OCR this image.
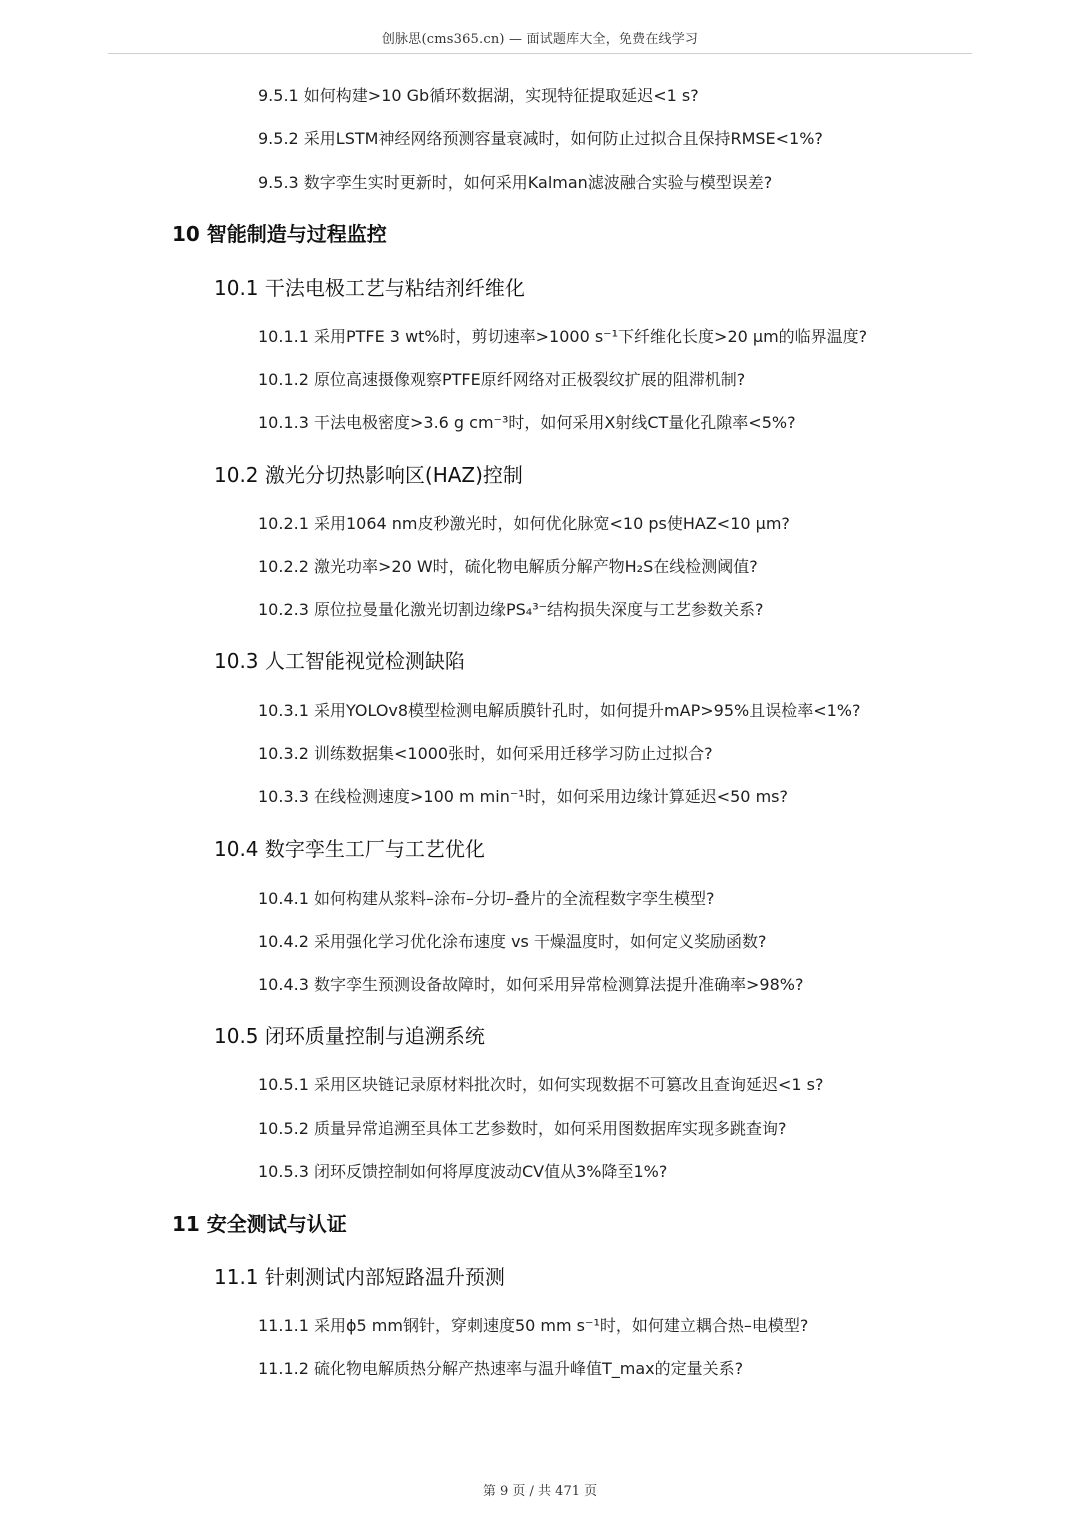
创脉思(cms365.cn) — 面试题库大全，免费在线学习
9.5.1 如何构建>10 Gb循环数据湖，实现特征提取延迟<1 s?
9.5.2 采用LSTM神经网络预测容量衰减时，如何防止过拟合且保持RMSE<1%?
9.5.3 数字孪生实时更新时，如何采用Kalman滤波融合实验与模型误差?
10 智能制造与过程监控
10.1 干法电极工艺与粘结剂纤维化
10.1.1 采用PTFE 3 wt%时，剪切速率>1000 s⁻¹下纤维化长度>20 μm的临界温度?
10.1.2 原位高速摄像观察PTFE原纤网络对正极裂纹扩展的阻滞机制?
10.1.3 干法电极密度>3.6 g cm⁻³时，如何采用X射线CT量化孔隙率<5%?
10.2 激光分切热影响区(HAZ)控制
10.2.1 采用1064 nm皮秒激光时，如何优化脉宽<10 ps使HAZ<10 μm?
10.2.2 激光功率>20 W时，硫化物电解质分解产物H₂S在线检测阈值?
10.2.3 原位拉曼量化激光切割边缘PS₄³⁻结构损失深度与工艺参数关系?
10.3 人工智能视觉检测缺陷
10.3.1 采用YOLOv8模型检测电解质膜针孔时，如何提升mAP>95%且误检率<1%?
10.3.2 训练数据集<1000张时，如何采用迁移学习防止过拟合?
10.3.3 在线检测速度>100 m min⁻¹时，如何采用边缘计算延迟<50 ms?
10.4 数字孪生工厂与工艺优化
10.4.1 如何构建从浆料–涂布–分切–叠片的全流程数字孪生模型?
10.4.2 采用强化学习优化涂布速度 vs 干燥温度时，如何定义奖励函数?
10.4.3 数字孪生预测设备故障时，如何采用异常检测算法提升准确率>98%?
10.5 闭环质量控制与追溯系统
10.5.1 采用区块链记录原材料批次时，如何实现数据不可篡改且查询延迟<1 s?
10.5.2 质量异常追溯至具体工艺参数时，如何采用图数据库实现多跳查询?
10.5.3 闭环反馈控制如何将厚度波动CV值从3%降至1%?
11 安全测试与认证
11.1 针刺测试内部短路温升预测
11.1.1 采用ϕ5 mm钢针，穿刺速度50 mm s⁻¹时，如何建立耦合热–电模型?
11.1.2 硫化物电解质热分解产热速率与温升峰值T_max的定量关系?
第 9 页 / 共 471 页
